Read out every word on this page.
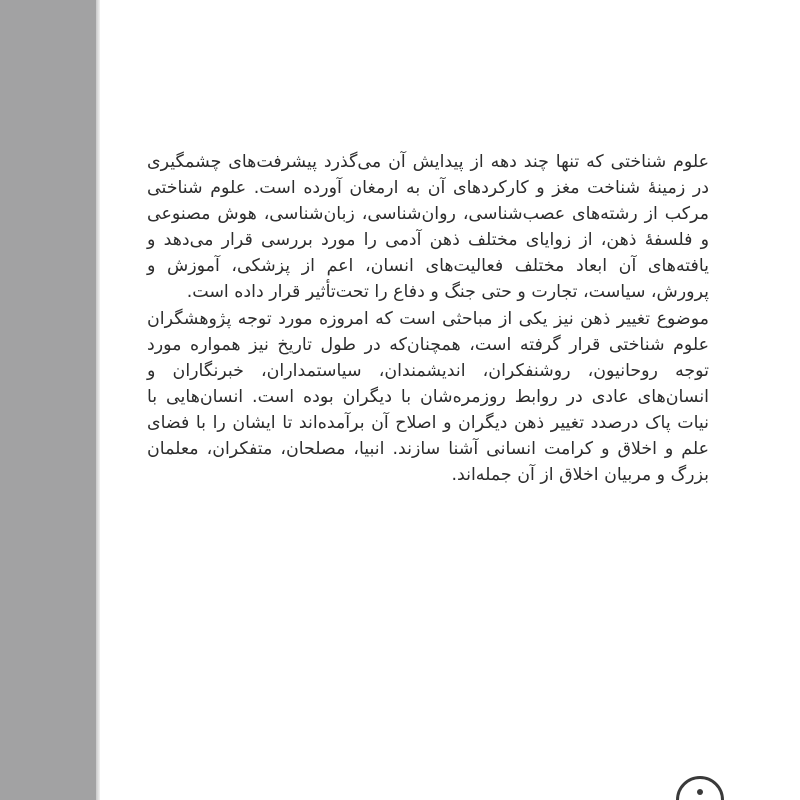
علوم شناختی که تنها چند دهه از پیدایش آن می‌گذرد پیشرفت‌های چشمگیری در زمینهٔ شناخت مغز و کارکردهای آن به ارمغان آورده است. علوم شناختی مرکب از رشته‌های عصب‌شناسی، روان‌شناسی، زبان‌شناسی، هوش مصنوعی و فلسفهٔ ذهن، از زوایای مختلف ذهن آدمی را مورد بررسی قرار می‌دهد و یافته‌های آن ابعاد مختلف فعالیت‌های انسان، اعم از پزشکی، آموزش و پرورش، سیاست، تجارت و حتی جنگ و دفاع را تحت‌تأثیر قرار داده است.

موضوع تغییر ذهن نیز یکی از مباحثی است که امروزه مورد توجه پژوهشگران علوم شناختی قرار گرفته است، همچنان‌که در طول تاریخ نیز همواره مورد توجه روحانیون، روشنفکران، اندیشمندان، سیاستمداران، خبرنگاران و انسان‌های عادی در روابط روزمره‌شان با دیگران بوده است. انسان‌هایی با نیات پاک درصدد تغییر ذهن دیگران و اصلاح آن برآمده‌اند تا ایشان را با فضای علم و اخلاق و کرامت انسانی آشنا سازند. انبیا، مصلحان، متفکران، معلمان بزرگ و مربیان اخلاق از آن جمله‌اند.
